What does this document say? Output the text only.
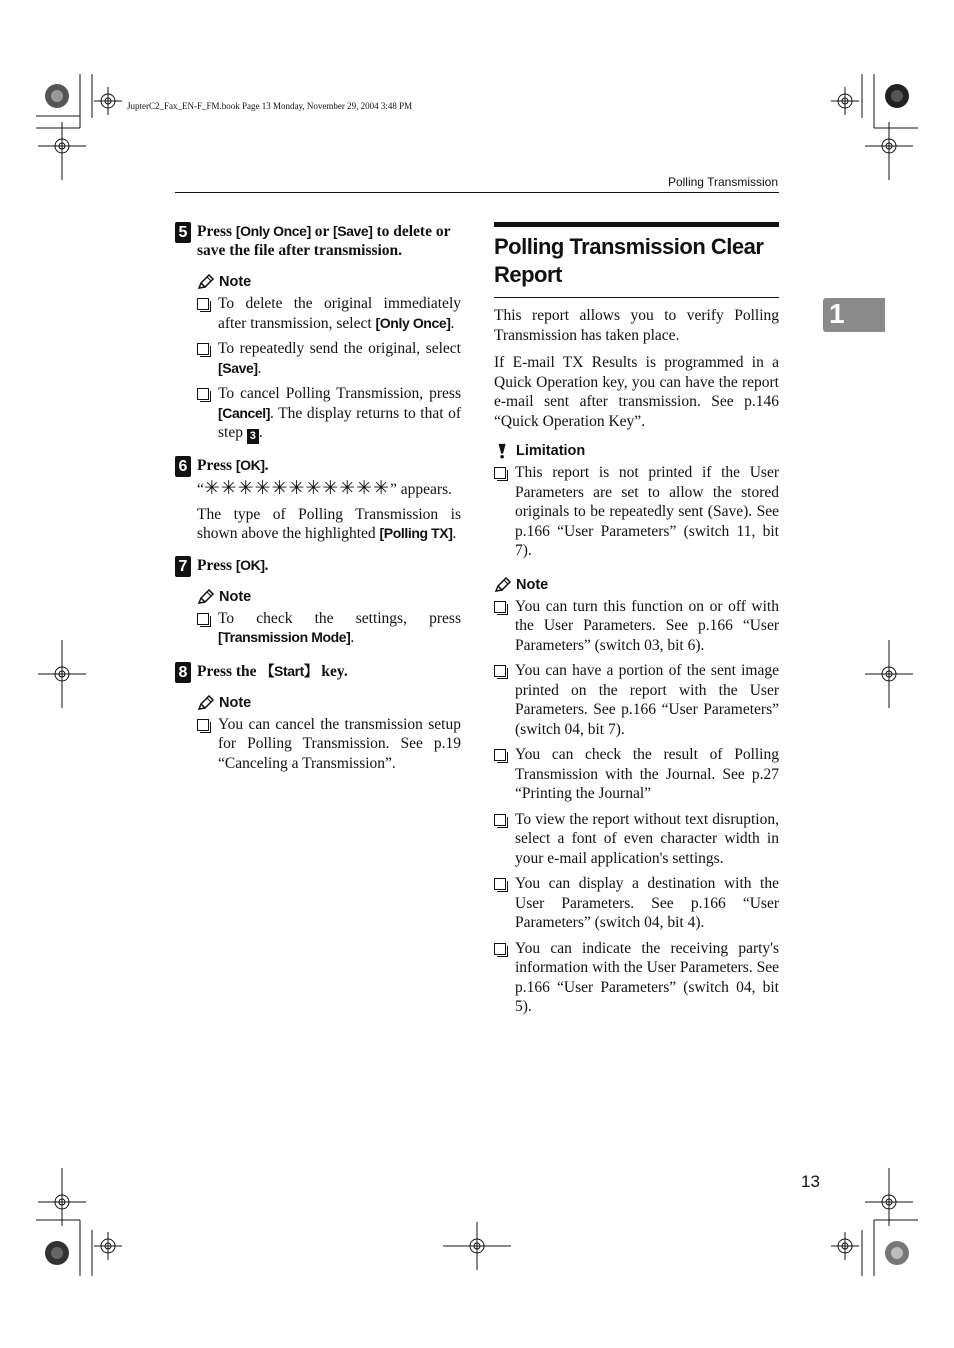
JupterC2_Fax_EN-F_FM.book Page 13 Monday, November 29, 2004 3:48 PM
Polling Transmission
1
5 Press [Only Once] or [Save] to delete or save the file after transmission.
Note
To delete the original immediately after transmission, select [Only Once].
To repeatedly send the original, select [Save].
To cancel Polling Transmission, press [Cancel]. The display returns to that of step 3 .
6 Press [OK].
“✳✳✳✳✳✳✳✳✳✳✳” appears.
The type of Polling Transmission is shown above the highlighted [Polling TX].
7 Press [OK].
Note
To check the settings, press [Transmission Mode].
8 Press the 【Start】 key.
Note
You can cancel the transmission setup for Polling Transmission. See p.19 “Canceling a Transmission”.
Polling Transmission Clear Report

This report allows you to verify Polling Transmission has taken place.

If E-mail TX Results is programmed in a Quick Operation key, you can have the report e-mail sent after transmission. See p.146 “Quick Operation Key”.

Limitation
This report is not printed if the User Parameters are set to allow the stored originals to be repeatedly sent (Save). See p.166 “User Parameters” (switch 11, bit 7).
Note
You can turn this function on or off with the User Parameters. See p.166 “User Parameters” (switch 03, bit 6).
You can have a portion of the sent image printed on the report with the User Parameters. See p.166 “User Parameters” (switch 04, bit 7).
You can check the result of Polling Transmission with the Journal. See p.27 “Printing the Journal”
To view the report without text disruption, select a font of even character width in your e-mail application's settings.
You can display a destination with the User Parameters. See p.166 “User Parameters” (switch 04, bit 4).
You can indicate the receiving party's information with the User Parameters. See p.166 “User Parameters” (switch 04, bit 5).
13
